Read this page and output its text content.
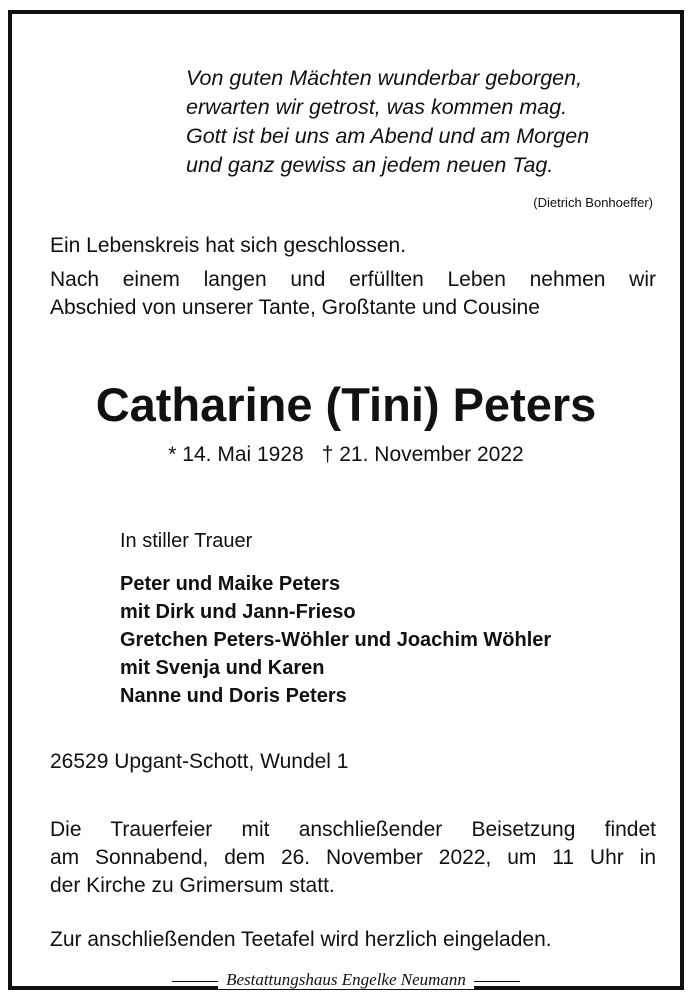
Von guten Mächten wunderbar geborgen,
erwarten wir getrost, was kommen mag.
Gott ist bei uns am Abend und am Morgen
und ganz gewiss an jedem neuen Tag.
(Dietrich Bonhoeffer)
Ein Lebenskreis hat sich geschlossen.
Nach einem langen und erfüllten Leben nehmen wir
Abschied von unserer Tante, Großtante und Cousine
Catharine (Tini) Peters
* 14. Mai 1928 † 21. November 2022
In stiller Trauer
Peter und Maike Peters
mit Dirk und Jann-Frieso
Gretchen Peters-Wöhler und Joachim Wöhler
mit Svenja und Karen
Nanne und Doris Peters
26529 Upgant-Schott, Wundel 1
Die Trauerfeier mit anschließender Beisetzung findet
am Sonnabend, dem 26. November 2022, um 11 Uhr in
der Kirche zu Grimersum statt.
Zur anschließenden Teetafel wird herzlich eingeladen.
Bestattungshaus Engelke Neumann
